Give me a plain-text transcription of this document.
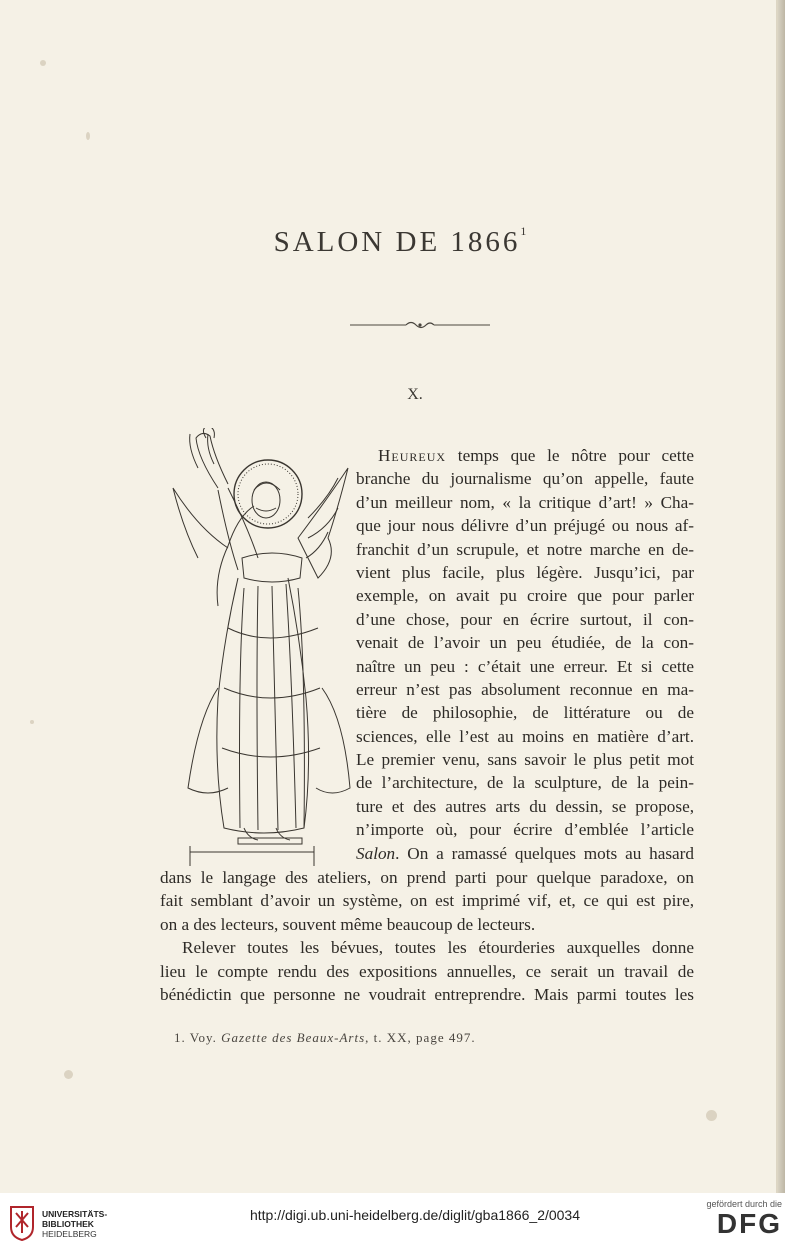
SALON DE 1866$^1$
X.
Heureux temps que le nôtre pour cette
branche du journalisme qu’on appelle, faute
d’un meilleur nom, « la critique d’art! » Cha-
que jour nous délivre d’un préjugé ou nous af-
franchit d’un scrupule, et notre marche en de-
vient plus facile, plus légère. Jusqu’ici, par
exemple, on avait pu croire que pour parler
d’une chose, pour en écrire surtout, il con-
venait de l’avoir un peu étudiée, de la con-
naître un peu : c’était une erreur. Et si cette
erreur n’est pas absolument reconnue en ma-
tière de philosophie, de littérature ou de
sciences, elle l’est au moins en matière d’art.
Le premier venu, sans savoir le plus petit mot
de l’architecture, de la sculpture, de la pein-
ture et des autres arts du dessin, se propose,
n’importe où, pour écrire d’emblée l’article
Salon. On a ramassé quelques mots au hasard
dans le langage des ateliers, on prend parti pour quelque paradoxe, on
fait semblant d’avoir un système, on est imprimé vif, et, ce qui est pire,
on a des lecteurs, souvent même beaucoup de lecteurs.
Relever toutes les bévues, toutes les étourderies auxquelles donne
lieu le compte rendu des expositions annuelles, ce serait un travail de
bénédictin que personne ne voudrait entreprendre. Mais parmi toutes les
1. Voy. Gazette des Beaux-Arts, t. XX, page 497.
UNIVERSITÄTS-
BIBLIOTHEK
HEIDELBERG
http://digi.ub.uni-heidelberg.de/diglit/gba1866_2/0034
gefördert durch die
DFG
